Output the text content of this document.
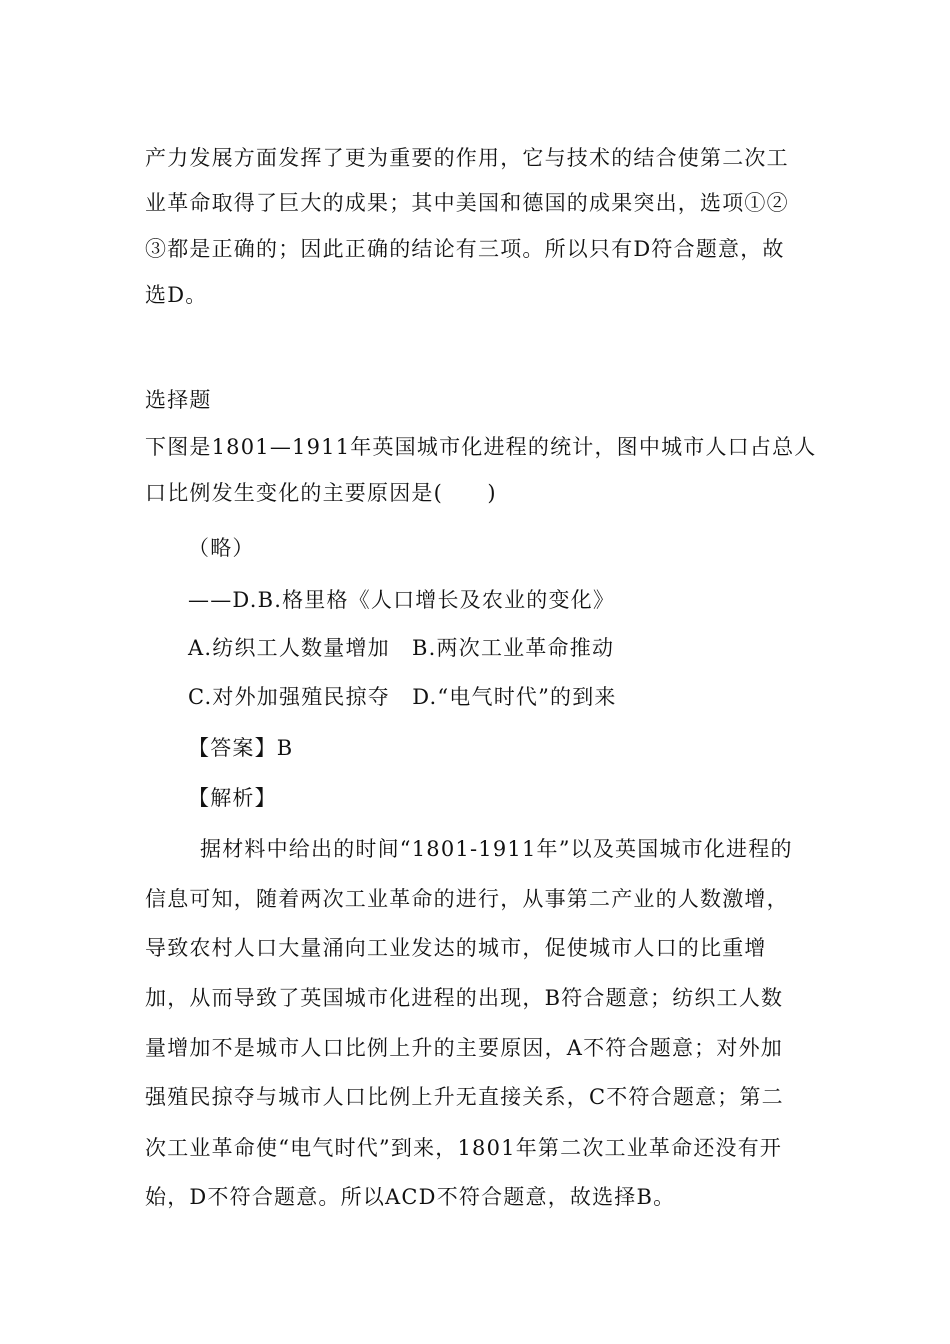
产力发展方面发挥了更为重要的作用，它与技术的结合使第二次工
业革命取得了巨大的成果；其中美国和德国的成果突出，选项①②
③都是正确的；因此正确的结论有三项。所以只有D符合题意，故
选D。
选择题
下图是1801—1911年英国城市化进程的统计，图中城市人口占总人
口比例发生变化的主要原因是(　　)
（略）
——D.B.格里格《人口增长及农业的变化》
A.纺织工人数量增加　B.两次工业革命推动
C.对外加强殖民掠夺　D.“电气时代”的到来
【答案】B
【解析】
据材料中给出的时间“1801-1911年”以及英国城市化进程的
信息可知，随着两次工业革命的进行，从事第二产业的人数激增，
导致农村人口大量涌向工业发达的城市，促使城市人口的比重增
加，从而导致了英国城市化进程的出现，B符合题意；纺织工人数
量增加不是城市人口比例上升的主要原因，A不符合题意；对外加
强殖民掠夺与城市人口比例上升无直接关系，C不符合题意；第二
次工业革命使“电气时代”到来，1801年第二次工业革命还没有开
始，D不符合题意。所以ACD不符合题意，故选择B。
